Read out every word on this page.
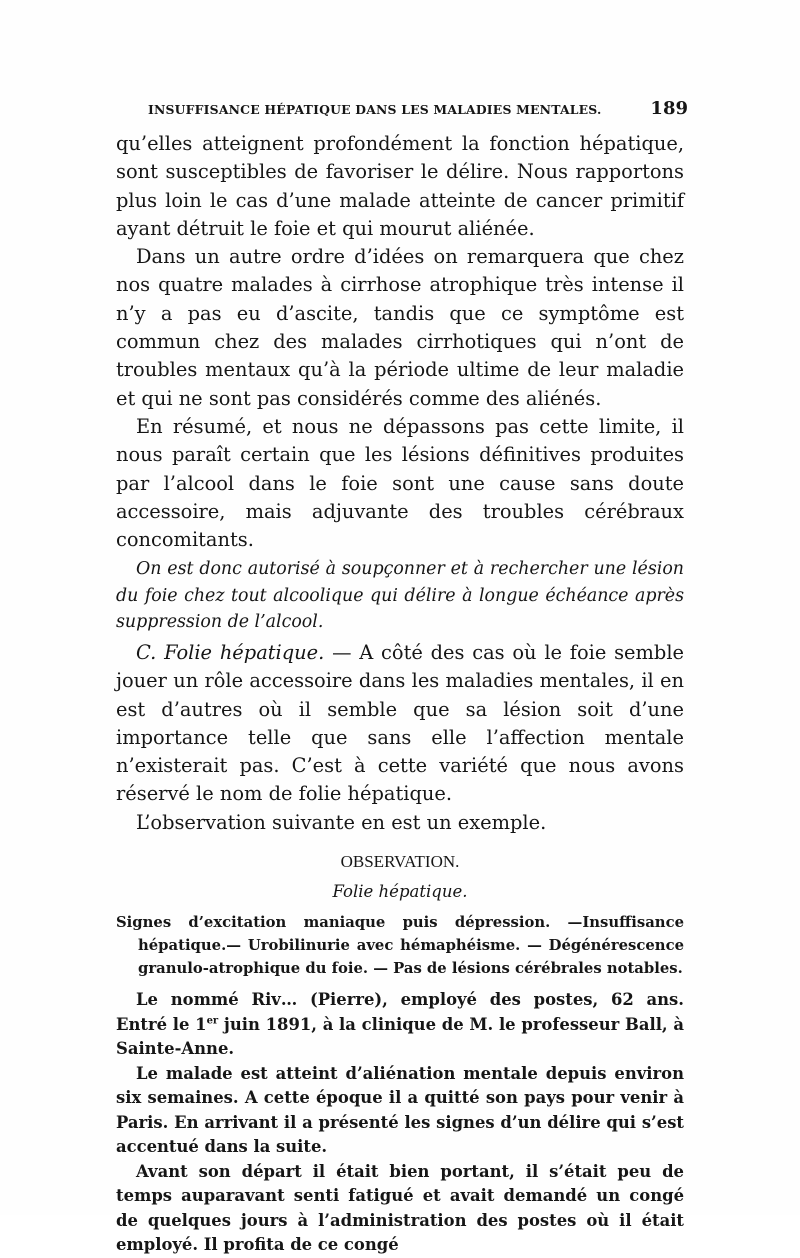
INSUFFISANCE HÉPATIQUE DANS LES MALADIES MENTALES.	189

qu’elles atteignent profondément la fonction hépatique, sont susceptibles de favoriser le délire. Nous rapportons plus loin le cas d’une malade atteinte de cancer primitif ayant détruit le foie et qui mourut aliénée.

Dans un autre ordre d’idées on remarquera que chez nos quatre malades à cirrhose atrophique très intense il n’y a pas eu d’ascite, tandis que ce symptôme est commun chez des malades cirrhotiques qui n’ont de troubles mentaux qu’à la période ultime de leur maladie et qui ne sont pas considérés comme des aliénés.

En résumé, et nous ne dépassons pas cette limite, il nous paraît certain que les lésions définitives produites par l’alcool dans le foie sont une cause sans doute accessoire, mais adjuvante des troubles cérébraux concomitants.

On est donc autorisé à soupçonner et à rechercher une lésion du foie chez tout alcoolique qui délire à longue échéance après suppression de l’alcool.

C. Folie hépatique. — A côté des cas où le foie semble jouer un rôle accessoire dans les maladies mentales, il en est d’autres où il semble que sa lésion soit d’une importance telle que sans elle l’affection mentale n’existerait pas. C’est à cette variété que nous avons réservé le nom de folie hépatique.

L’observation suivante en est un exemple.

OBSERVATION.
Folie hépatique.

Signes d’excitation maniaque puis dépression. —Insuffisance hépatique.— Urobilinurie avec hémaphéisme. — Dégénérescence granulo-atrophique du foie. — Pas de lésions cérébrales notables.

Le nommé Riv… (Pierre), employé des postes, 62 ans. Entré le 1er juin 1891, à la clinique de M. le professeur Ball, à Sainte-Anne.

Le malade est atteint d’aliénation mentale depuis environ six semaines. A cette époque il a quitté son pays pour venir à Paris. En arrivant il a présenté les signes d’un délire qui s’est accentué dans la suite.

Avant son départ il était bien portant, il s’était peu de temps auparavant senti fatigué et avait demandé un congé de quelques jours à l’administration des postes où il était employé. Il profita de ce congé
